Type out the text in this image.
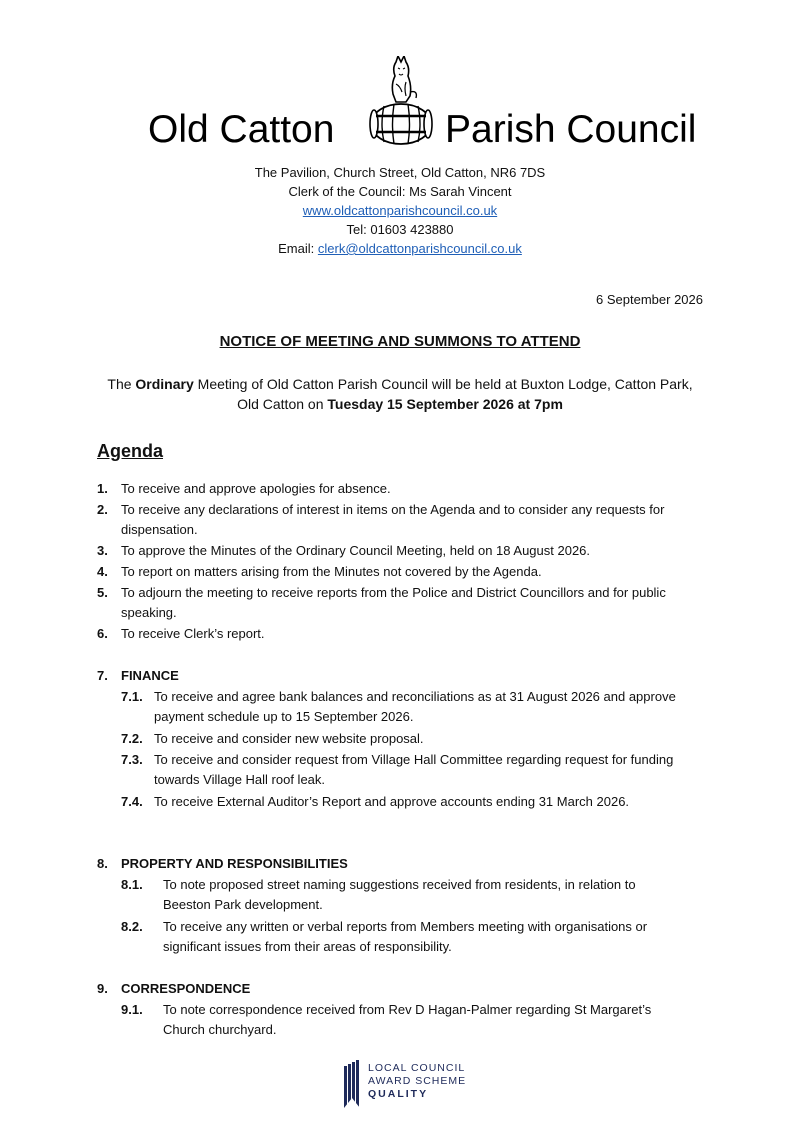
Old Catton	Parish Council
The Pavilion, Church Street, Old Catton, NR6 7DS
Clerk of the Council: Ms Sarah Vincent
www.oldcattonparishcouncil.co.uk
Tel: 01603 423880
Email: clerk@oldcattonparishcouncil.co.uk
6 September 2026
NOTICE OF MEETING AND SUMMONS TO ATTEND
The Ordinary Meeting of Old Catton Parish Council will be held at Buxton Lodge, Catton Park, Old Catton on Tuesday 15 September 2026 at 7pm
Agenda
1. To receive and approve apologies for absence.
2. To receive any declarations of interest in items on the Agenda and to consider any requests for dispensation.
3. To approve the Minutes of the Ordinary Council Meeting, held on 18 August 2026.
4. To report on matters arising from the Minutes not covered by the Agenda.
5. To adjourn the meeting to receive reports from the Police and District Councillors and for public speaking.
6. To receive Clerk’s report.
7. FINANCE
7.1. To receive and agree bank balances and reconciliations as at 31 August 2026 and approve payment schedule up to 15 September 2026.
7.2. To receive and consider new website proposal.
7.3. To receive and consider request from Village Hall Committee regarding request for funding towards Village Hall roof leak.
7.4. To receive External Auditor’s Report and approve accounts ending 31 March 2026.
8. PROPERTY AND RESPONSIBILITIES
8.1. To note proposed street naming suggestions received from residents, in relation to Beeston Park development.
8.2. To receive any written or verbal reports from Members meeting with organisations or significant issues from their areas of responsibility.
9. CORRESPONDENCE
9.1. To note correspondence received from Rev D Hagan-Palmer regarding St Margaret’s Church churchyard.
LOCAL COUNCIL
AWARD SCHEME
QUALITY
